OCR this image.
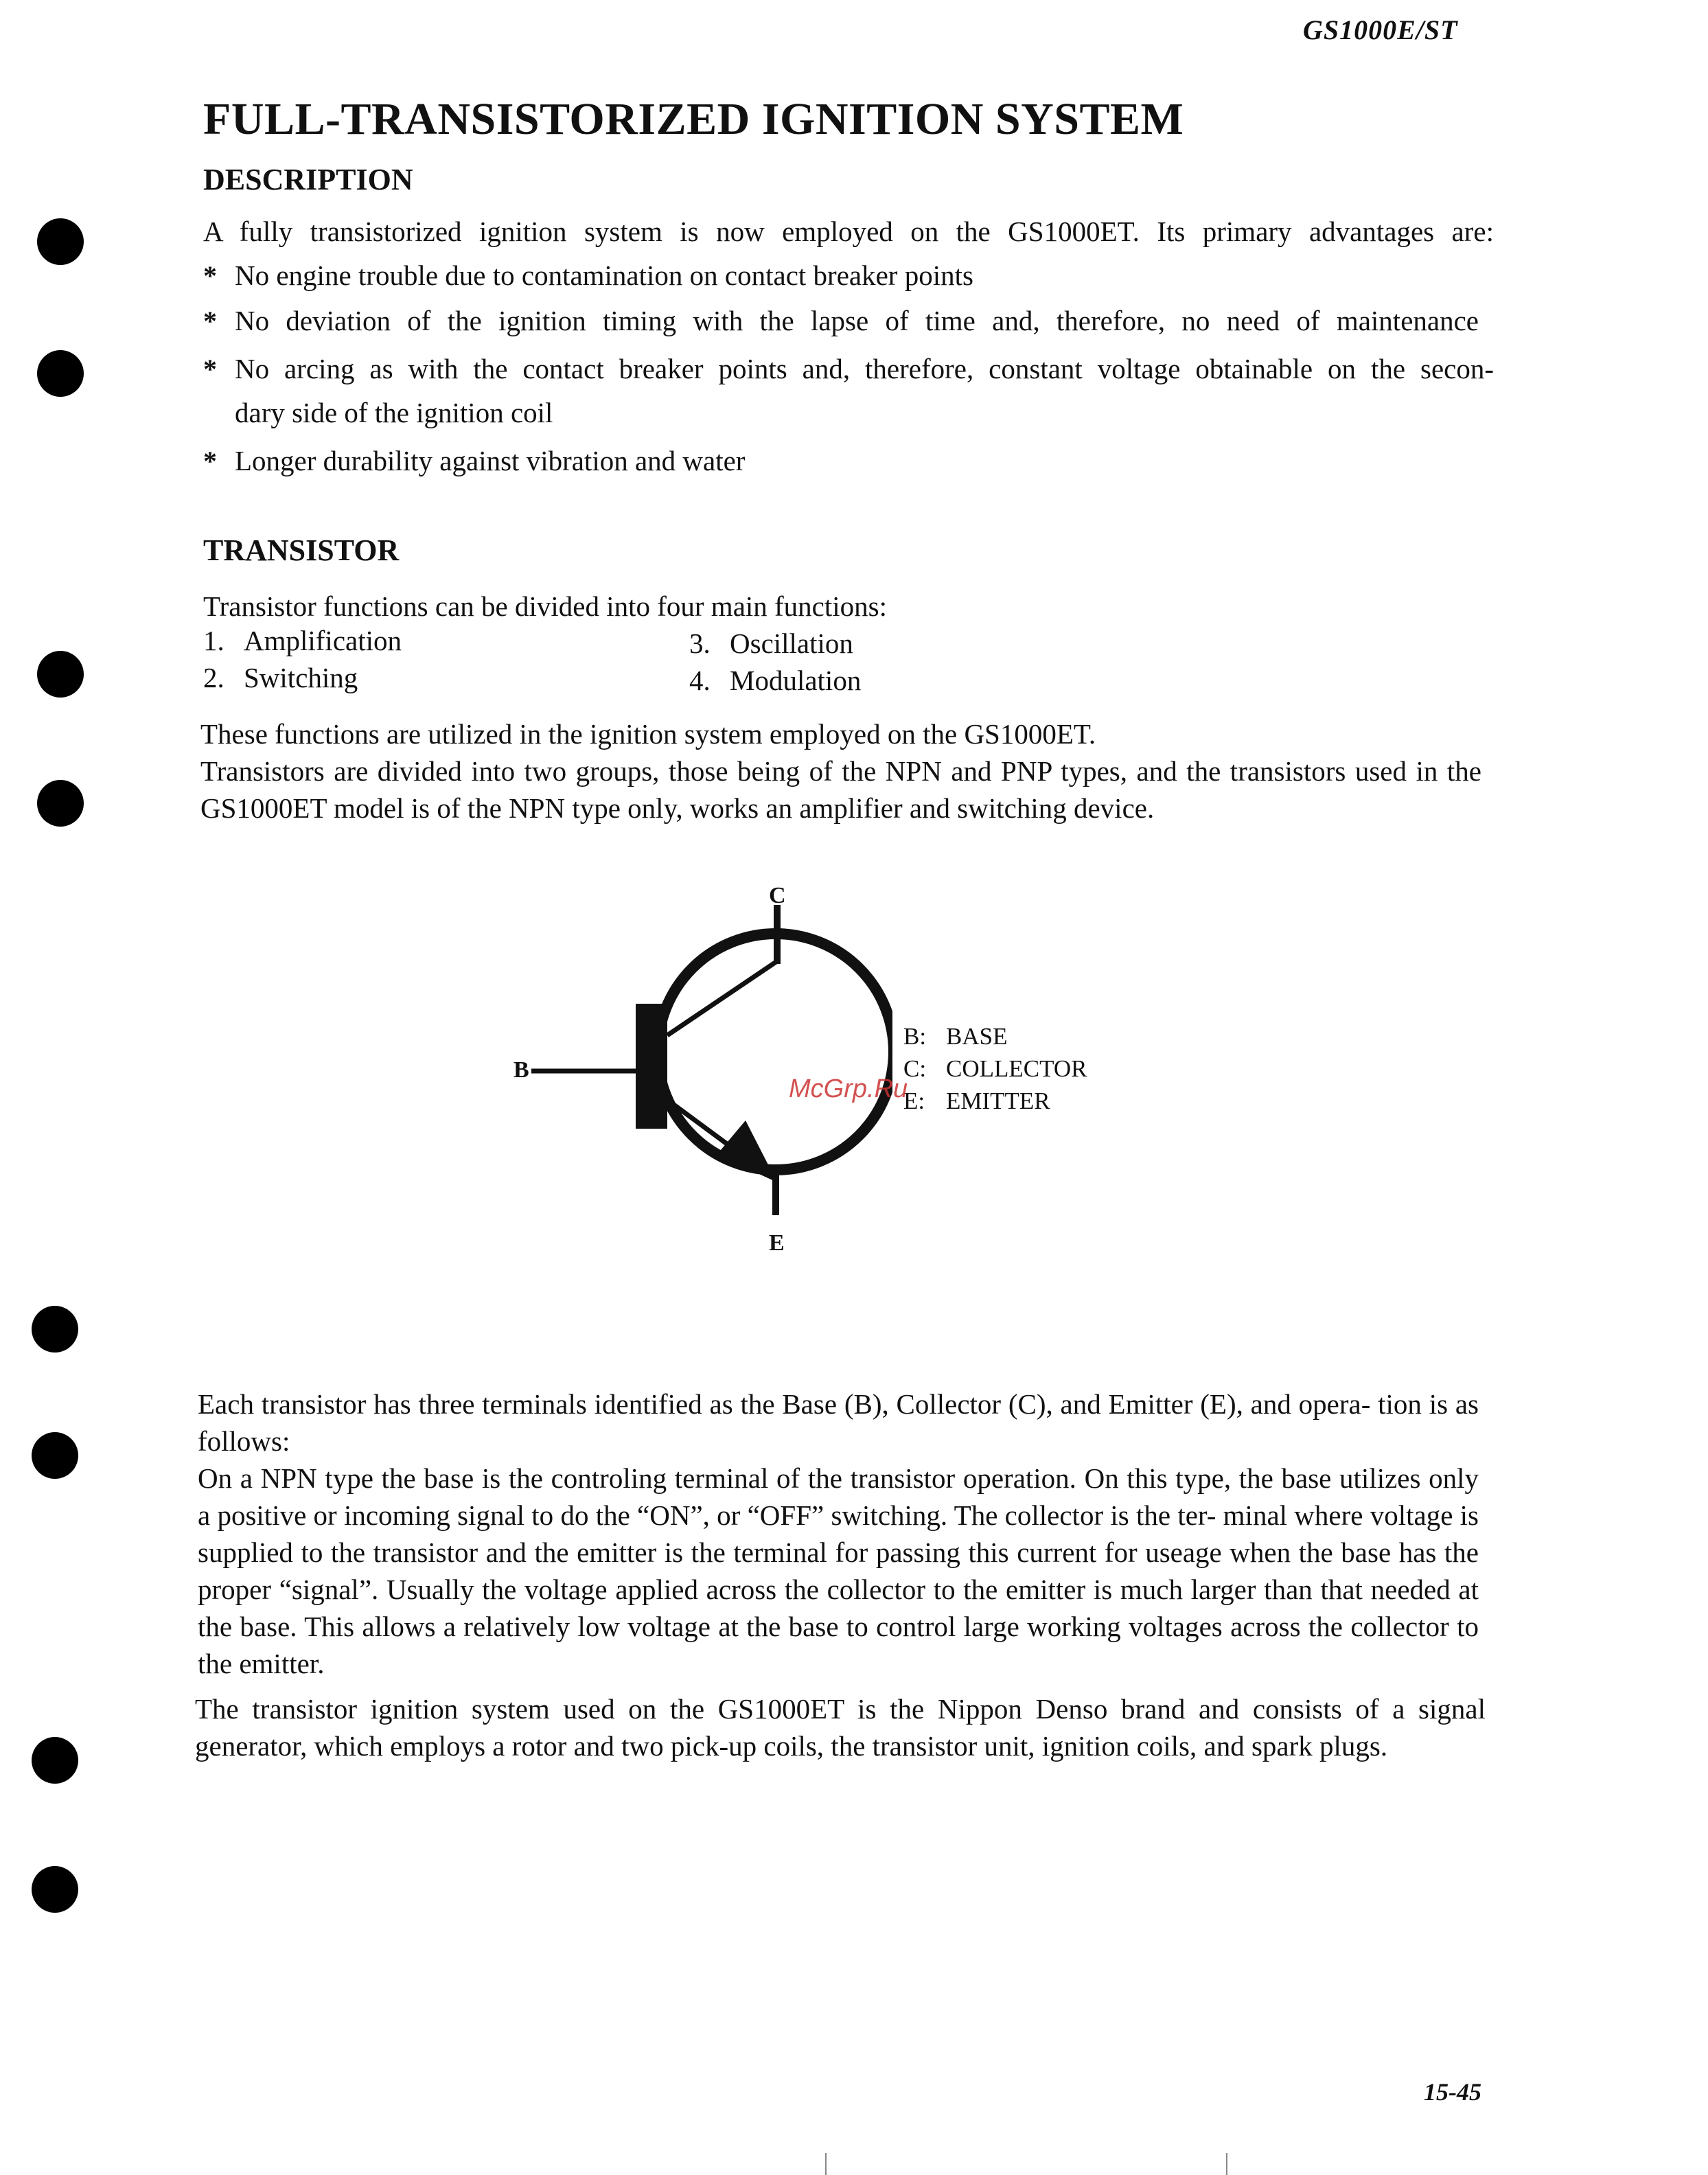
GS1000E/ST
FULL-TRANSISTORIZED IGNITION SYSTEM
DESCRIPTION
A fully transistorized ignition system is now employed on the GS1000ET. Its primary advantages are:
* No engine trouble due to contamination on contact breaker points
* No deviation of the ignition timing with the lapse of time and, therefore, no need of maintenance
* No arcing as with the contact breaker points and, therefore, constant voltage obtainable on the secon-
dary side of the ignition coil
* Longer durability against vibration and water
TRANSISTOR
Transistor functions can be divided into four main functions:
1. Amplification
2. Switching
3. Oscillation
4. Modulation
These functions are utilized in the ignition system employed on the GS1000ET.
Transistors are divided into two groups, those being of the NPN and PNP types, and the transistors used in the GS1000ET model is of the NPN type only, works an amplifier and switching device.
C
B
E
B: BASE
C: COLLECTOR
E: EMITTER
McGrp.Ru
Each transistor has three terminals identified as the Base (B), Collector (C), and Emitter (E), and opera- tion is as follows:
On a NPN type the base is the controling terminal of the transistor operation. On this type, the base utilizes only a positive or incoming signal to do the “ON”, or “OFF” switching. The collector is the ter- minal where voltage is supplied to the transistor and the emitter is the terminal for passing this current for useage when the base has the proper “signal”. Usually the voltage applied across the collector to the emitter is much larger than that needed at the base. This allows a relatively low voltage at the base to control large working voltages across the collector to the emitter.
The transistor ignition system used on the GS1000ET is the Nippon Denso brand and consists of a signal generator, which employs a rotor and two pick-up coils, the transistor unit, ignition coils, and spark plugs.
15-45
